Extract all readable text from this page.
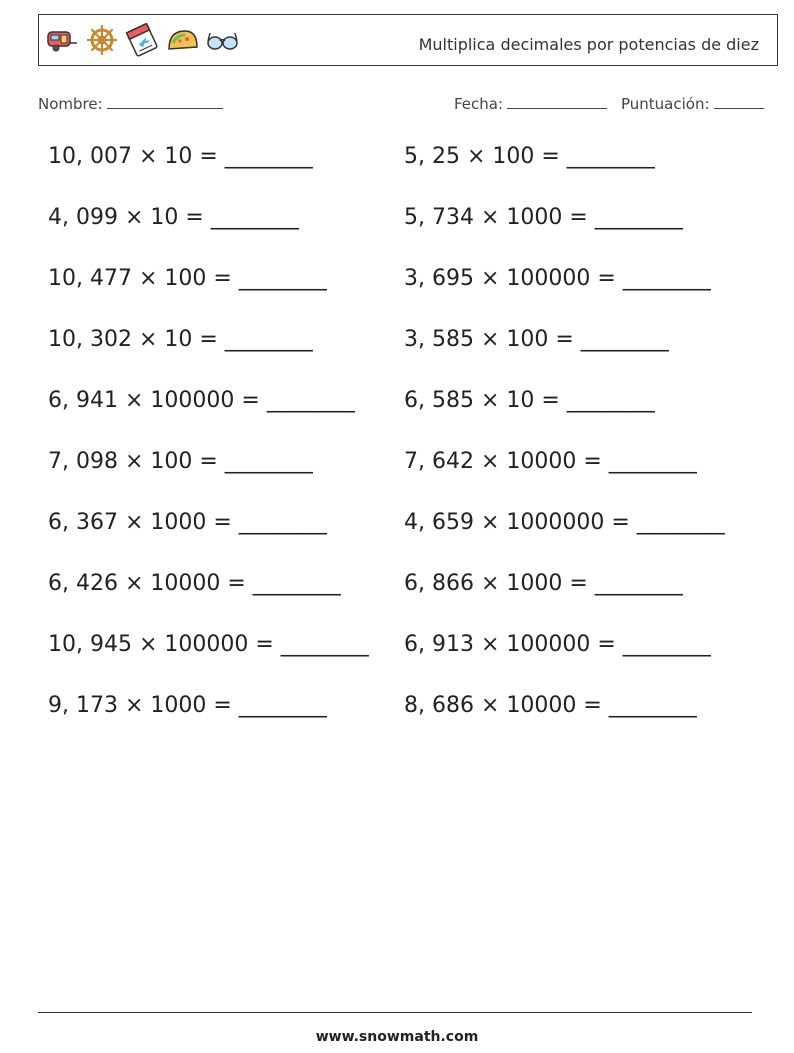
Multiplica decimales por potencias de diez
Nombre:	Fecha:	Puntuación:
10, 007 × 10 = ________	5, 25 × 100 = ________
4, 099 × 10 = ________	5, 734 × 1000 = ________
10, 477 × 100 = ________	3, 695 × 100000 = ________
10, 302 × 10 = ________	3, 585 × 100 = ________
6, 941 × 100000 = ________ 6, 585 × 10 = ________
7, 098 × 100 = ________	7, 642 × 10000 = ________
6, 367 × 1000 = ________	4, 659 × 1000000 = ________
6, 426 × 10000 = ________	6, 866 × 1000 = ________
10, 945 × 100000 = ________ 6, 913 × 100000 = ________
9, 173 × 1000 = ________	8, 686 × 10000 = ________
www.snowmath.com
